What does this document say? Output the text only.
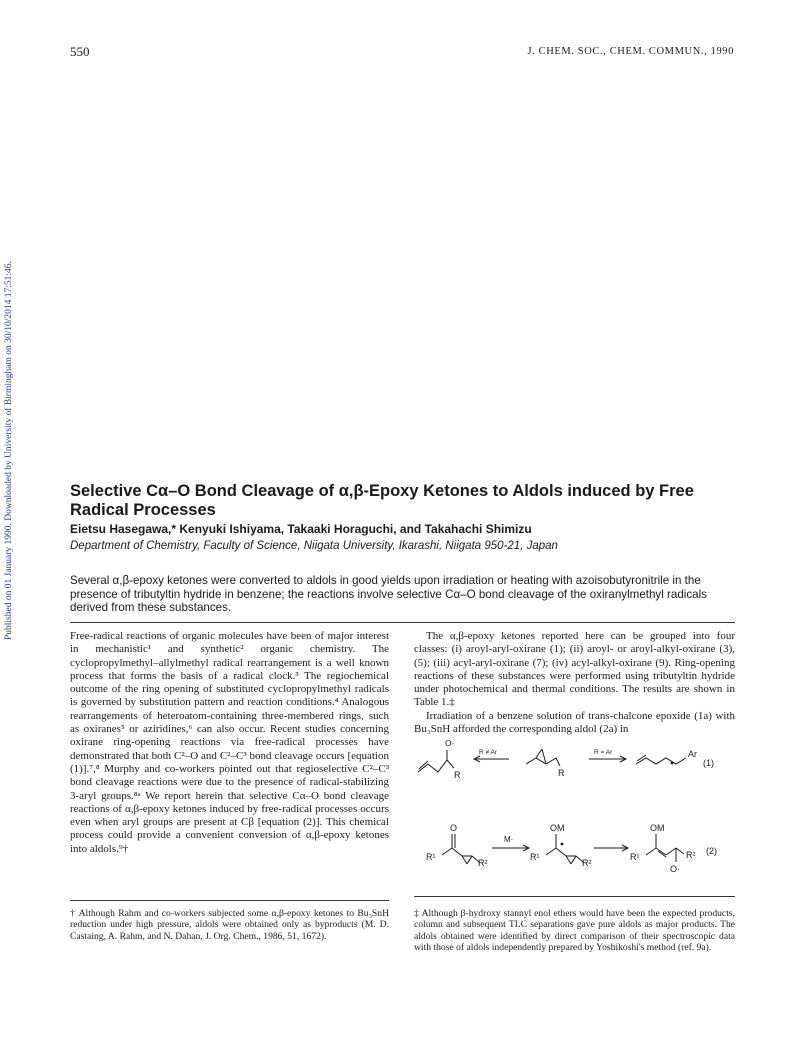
550	J. CHEM. SOC., CHEM. COMMUN., 1990
Published on 01 January 1990. Downloaded by University of Birmingham on 30/10/2014 17:51:46.	Selective Cα–O Bond Cleavage of α,β-Epoxy Ketones to Aldols induced by Free Radical Processes
Eietsu Hasegawa,* Kenyuki Ishiyama, Takaaki Horaguchi, and Takahachi Shimizu
Department of Chemistry, Faculty of Science, Niigata University, Ikarashi, Niigata 950-21, Japan
Several α,β-epoxy ketones were converted to aldols in good yields upon irradiation or heating with azoisobutyronitrile in the presence of tributyltin hydride in benzene; the reactions involve selective Cα–O bond cleavage of the oxiranylmethyl radicals derived from these substances.

Free-radical reactions of organic molecules have been of major interest in mechanistic¹ and synthetic² organic chemistry. The cyclopropylmethyl–allylmethyl radical rearrangement is a well known process that forms the basis of a radical clock.³ The regiochemical outcome of the ring opening of substituted cyclopropylmethyl radicals is governed by substitution pattern and reaction conditions.⁴ Analogous rearrangements of heteroatom-containing three-membered rings, such as oxiranes⁵ or aziridines,⁶ can also occur. Recent studies concerning oxirane ring-opening reactions via free-radical processes have demonstrated that both C²–O and C²–C³ bond cleavage occurs [equation (1)].⁷,⁸ Murphy and co-workers pointed out that regioselective C²–C³ bond cleavage reactions were due to the presence of radical-stabilizing 3-aryl groups.⁸ᵃ We report herein that selective Cα–O bond cleavage reactions of α,β-epoxy ketones induced by free-radical processes occurs even when aryl groups are present at Cβ [equation (2)]. This chemical process could provide a convenient conversion of α,β-epoxy ketones into aldols.⁹†

The α,β-epoxy ketones reported here can be grouped into four classes: (i) aroyl-aryl-oxirane (1); (ii) aroyl- or aroyl-alkyl-oxirane (3), (5); (iii) acyl-aryl-oxirane (7); (iv) acyl-alkyl-oxirane (9). Ring-opening reactions of these substances were performed using tributyltin hydride under photochemical and thermal conditions. The results are shown in Table 1.‡

Irradiation of a benzene solution of trans-chalcone epoxide (1a) with Bu₃SnH afforded the corresponding aldol (2a) in

O·
R
R ≠ Ar
R
R = Ar	Ar
(1)
O
R¹
R²
M·
OM
R¹
R²
OM
R¹	R²
O·
(2)
† Although Rahm and co-workers subjected some α,β-epoxy ketones to Bu₃SnH reduction under high pressure, aldols were obtained only as byproducts (M. D. Castaing, A. Rahm, and N. Dahan, J. Org. Chem., 1986, 51, 1672).
‡ Although β-hydroxy stannyl enol ethers would have been the expected products, column and subsequent TLC separations gave pure aldols as major products. The aldols obtained were identified by direct comparison of their spectroscopic data with those of aldols independently prepared by Yoshikoshi's method (ref. 9a).
